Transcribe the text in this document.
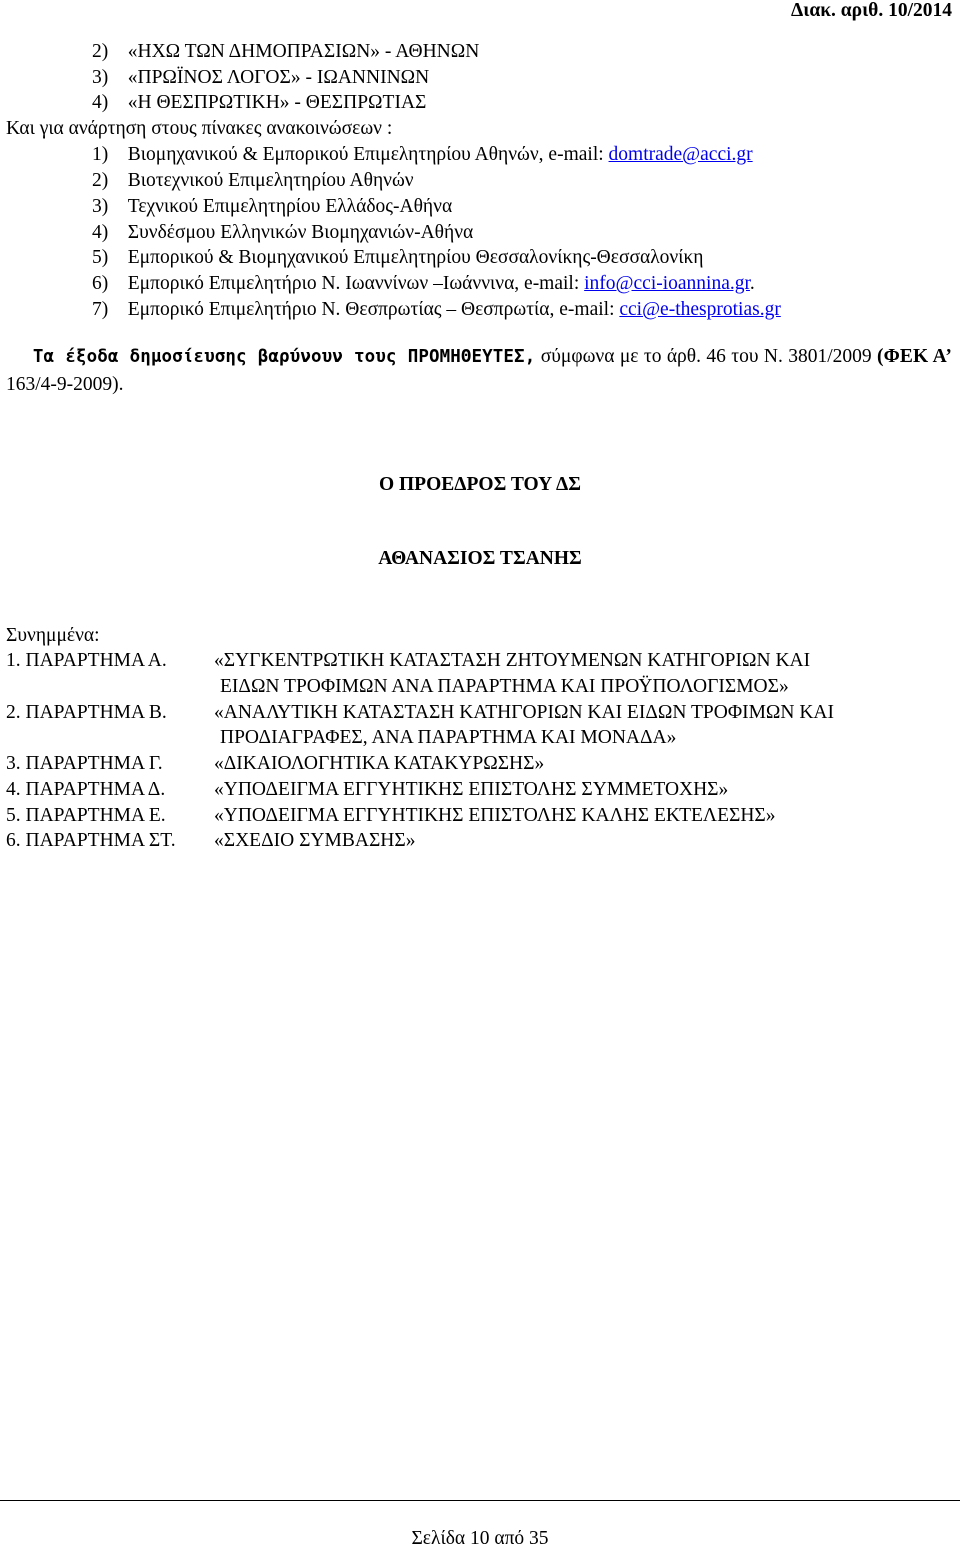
Διακ. αριθ. 10/2014
2) «ΗΧΩ ΤΩΝ ΔΗΜΟΠΡΑΣΙΩΝ» - ΑΘΗΝΩΝ
3) «ΠΡΩΪΝΟΣ ΛΟΓΟΣ» - ΙΩΑΝΝΙΝΩΝ
4) «Η ΘΕΣΠΡΩΤΙΚΗ» - ΘΕΣΠΡΩΤΙΑΣ
Και για ανάρτηση στους πίνακες ανακοινώσεων :
1) Βιομηχανικού & Εμπορικού Επιμελητηρίου Αθηνών, e-mail: domtrade@acci.gr
2) Βιοτεχνικού Επιμελητηρίου Αθηνών
3) Τεχνικού Επιμελητηρίου Ελλάδος-Αθήνα
4) Συνδέσμου Ελληνικών Βιομηχανιών-Αθήνα
5) Εμπορικού & Βιομηχανικού Επιμελητηρίου Θεσσαλονίκης-Θεσσαλονίκη
6) Εμπορικό Επιμελητήριο Ν. Ιωαννίνων –Ιωάννινα, e-mail: info@cci-ioannina.gr.
7) Εμπορικό Επιμελητήριο Ν. Θεσπρωτίας – Θεσπρωτία, e-mail: cci@e-thesprotias.gr
Τα έξοδα δημοσίευσης βαρύνουν τους ΠΡΟΜΗΘΕΥΤΕΣ, σύμφωνα με το άρθ. 46 του Ν. 3801/2009 (ΦΕΚ Α’ 163/4-9-2009).
Ο ΠΡΟΕΔΡΟΣ ΤΟΥ ΔΣ
ΑΘΑΝΑΣΙΟΣ ΤΣΑΝΗΣ
Συνημμένα:
1. ΠΑΡΑΡΤΗΜΑ Α. «ΣΥΓΚΕΝΤΡΩΤΙΚΗ ΚΑΤΑΣΤΑΣΗ ΖΗΤΟΥΜΕΝΩΝ ΚΑΤΗΓΟΡΙΩΝ ΚΑΙ
ΕΙΔΩΝ ΤΡΟΦΙΜΩΝ ΑΝΑ ΠΑΡΑΡΤΗΜΑ ΚΑΙ ΠΡΟΫΠΟΛΟΓΙΣΜΟΣ»
2. ΠΑΡΑΡΤΗΜΑ Β. «ΑΝΑΛΥΤΙΚΗ ΚΑΤΑΣΤΑΣΗ ΚΑΤΗΓΟΡΙΩΝ ΚΑΙ ΕΙΔΩΝ ΤΡΟΦΙΜΩΝ ΚΑΙ
ΠΡΟΔΙΑΓΡΑΦΕΣ, ΑΝΑ ΠΑΡΑΡΤΗΜΑ ΚΑΙ ΜΟΝΑΔΑ»
3. ΠΑΡΑΡΤΗΜΑ Γ.	«ΔΙΚΑΙΟΛΟΓΗΤΙΚΑ ΚΑΤΑΚΥΡΩΣΗΣ»
4. ΠΑΡΑΡΤΗΜΑ Δ.	«ΥΠΟΔΕΙΓΜΑ ΕΓΓΥΗΤΙΚΗΣ ΕΠΙΣΤΟΛΗΣ ΣΥΜΜΕΤΟΧΗΣ»
5. ΠΑΡΑΡΤΗΜΑ Ε. «ΥΠΟΔΕΙΓΜΑ ΕΓΓΥΗΤΙΚΗΣ ΕΠΙΣΤΟΛΗΣ ΚΑΛΗΣ ΕΚΤΕΛΕΣΗΣ»
6. ΠΑΡΑΡΤΗΜΑ ΣΤ. «ΣΧΕΔΙΟ ΣΥΜΒΑΣΗΣ»
Σελίδα 10 από 35
